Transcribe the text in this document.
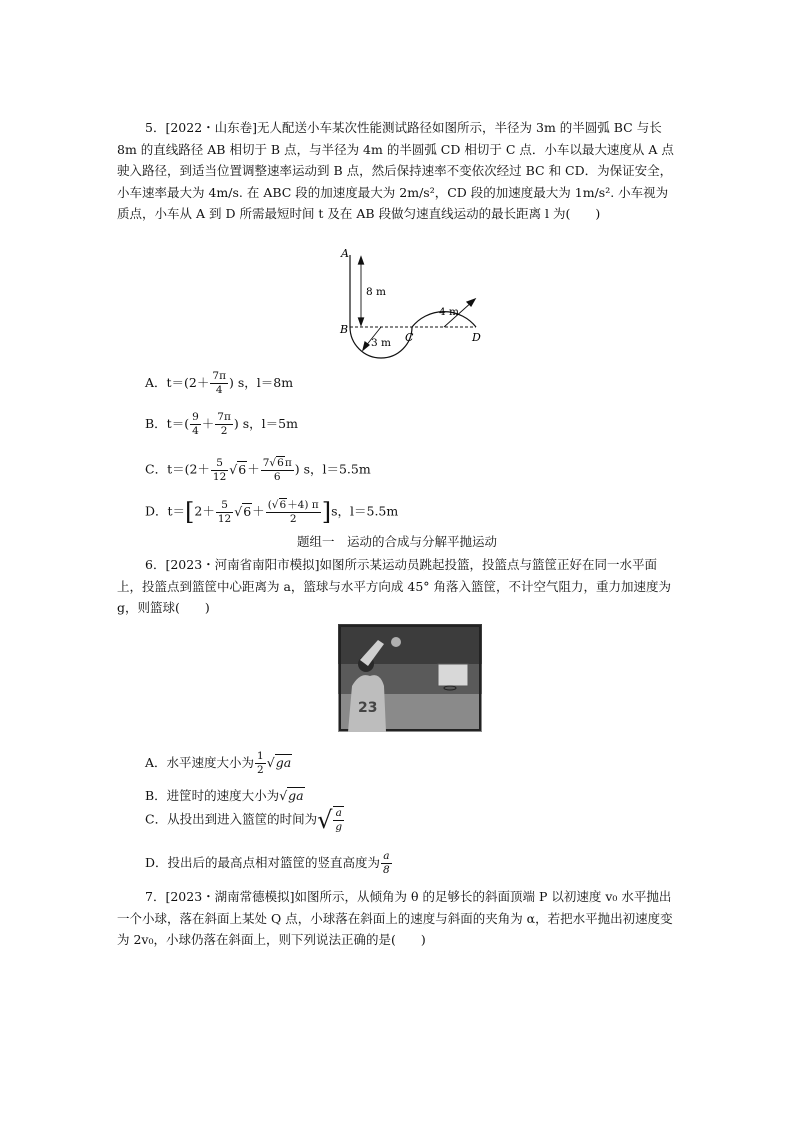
5．[2022・山东卷]无人配送小车某次性能测试路径如图所示，半径为 3m 的半圆弧 BC 与长 8m 的直线路径 AB 相切于 B 点，与半径为 4m 的半圆弧 CD 相切于 C 点．小车以最大速度从 A 点驶入路径，到适当位置调整速率运动到 B 点，然后保持速率不变依次经过 BC 和 CD．为保证安全，小车速率最大为 4m/s. 在 ABC 段的加速度最大为 2m/s²，CD 段的加速度最大为 1m/s². 小车视为质点，小车从 A 到 D 所需最短时间 t 及在 AB 段做匀速直线运动的最长距离 l 为(　　)
A
B
C	D
8 m
4 m
3 m
A．$t=(2+ \frac{7\pi}{4}$ ) s，l＝8m
B．$t=( \frac{9}{4} + \frac{7\pi}{2}$ ) s，l＝5m
C．$t=(2+ \frac{5}{12}$ √ $6+ \frac{7 √ 6\pi}{6}$ ) s，l＝5.5m
D．$t=[2+ \frac{5}{12}$ √ $6+ \frac{( √ 6+4) \pi}{2} ]s$，l＝5.5m
题组一　运动的合成与分解平抛运动
6．[2023・河南省南阳市模拟]如图所示某运动员跳起投篮，投篮点与篮筐正好在同一水平面上，投篮点到篮筐中心距离为 a，篮球与水平方向成 45° 角落入篮筐，不计空气阻力，重力加速度为 g，则篮球(　　)
23
A．水平速度大小为 $\frac{1}{2}$ √ ga
B．进筐时的速度大小为 √ ga
C．从投出到进入篮筐的时间为√ $\frac{a}{g}$
D．投出后的最高点相对篮筐的竖直高度为 $\frac{a}{8}$
7．[2023・湖南常德模拟]如图所示，从倾角为 θ 的足够长的斜面顶端 P 以初速度 v₀ 水平抛出一个小球，落在斜面上某处 Q 点，小球落在斜面上的速度与斜面的夹角为 α，若把水平抛出初速度变为 2v₀，小球仍落在斜面上，则下列说法正确的是(　　)
